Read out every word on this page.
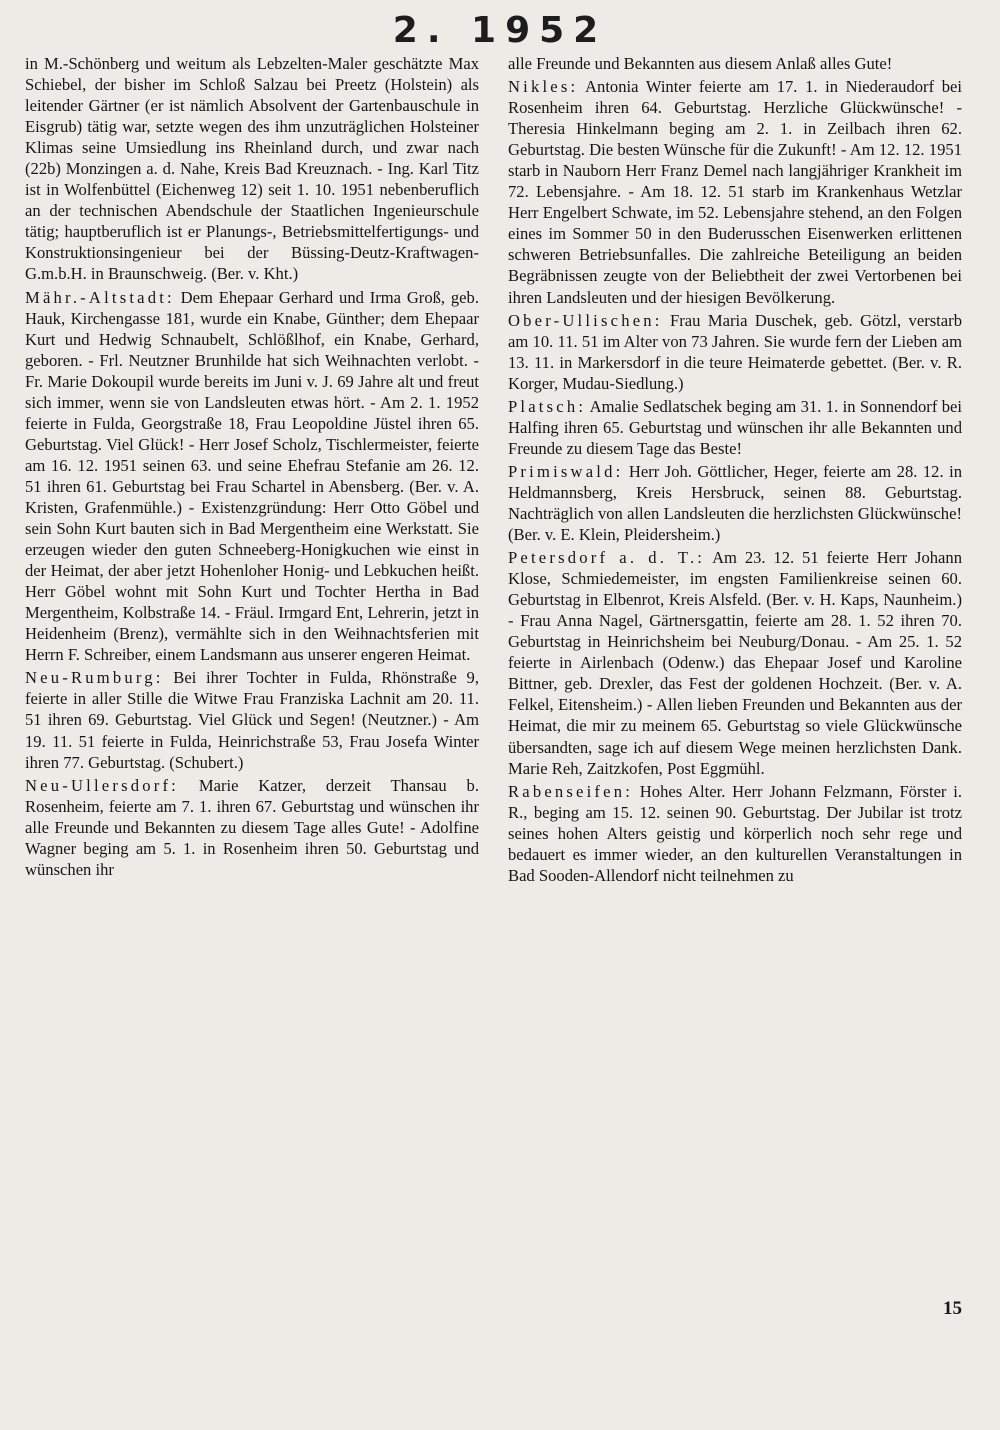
2. 1952

in M.-Schönberg und weitum als Lebzelten-Maler geschätzte Max Schiebel, der bisher im Schloß Salzau bei Preetz (Holstein) als leitender Gärtner (er ist nämlich Absolvent der Gartenbauschule in Eisgrub) tätig war, setzte wegen des ihm unzuträglichen Holsteiner Klimas seine Umsiedlung ins Rheinland durch, und zwar nach (22b) Monzingen a. d. Nahe, Kreis Bad Kreuznach. - Ing. Karl Titz ist in Wolfenbüttel (Eichenweg 12) seit 1. 10. 1951 nebenberuflich an der technischen Abendschule der Staatlichen Ingenieurschule tätig; hauptberuflich ist er Planungs-, Betriebsmittelfertigungs- und Konstruktionsingenieur bei der Büssing-Deutz-Kraftwagen-G.m.b.H. in Braunschweig. (Ber. v. Kht.)

Mähr.-Altstadt: Dem Ehepaar Gerhard und Irma Groß, geb. Hauk, Kirchengasse 181, wurde ein Knabe, Günther; dem Ehepaar Kurt und Hedwig Schnaubelt, Schlößlhof, ein Knabe, Gerhard, geboren. - Frl. Neutzner Brunhilde hat sich Weihnachten verlobt. - Fr. Marie Dokoupil wurde bereits im Juni v. J. 69 Jahre alt und freut sich immer, wenn sie von Landsleuten etwas hört. - Am 2. 1. 1952 feierte in Fulda, Georgstraße 18, Frau Leopoldine Jüstel ihren 65. Geburtstag. Viel Glück! - Herr Josef Scholz, Tischlermeister, feierte am 16. 12. 1951 seinen 63. und seine Ehefrau Stefanie am 26. 12. 51 ihren 61. Geburtstag bei Frau Schartel in Abensberg. (Ber. v. A. Kristen, Grafenmühle.) - Existenzgründung: Herr Otto Göbel und sein Sohn Kurt bauten sich in Bad Mergentheim eine Werkstatt. Sie erzeugen wieder den guten Schneeberg-Honigkuchen wie einst in der Heimat, der aber jetzt Hohenloher Honig- und Lebkuchen heißt. Herr Göbel wohnt mit Sohn Kurt und Tochter Hertha in Bad Mergentheim, Kolbstraße 14. - Fräul. Irmgard Ent, Lehrerin, jetzt in Heidenheim (Brenz), vermählte sich in den Weihnachtsferien mit Herrn F. Schreiber, einem Landsmann aus unserer engeren Heimat.

Neu-Rumburg: Bei ihrer Tochter in Fulda, Rhönstraße 9, feierte in aller Stille die Witwe Frau Franziska Lachnit am 20. 11. 51 ihren 69. Geburtstag. Viel Glück und Segen! (Neutzner.) - Am 19. 11. 51 feierte in Fulda, Heinrichstraße 53, Frau Josefa Winter ihren 77. Geburtstag. (Schubert.)

Neu-Ullersdorf: Marie Katzer, derzeit Thansau b. Rosenheim, feierte am 7. 1. ihren 67. Geburtstag und wünschen ihr alle Freunde und Bekannten zu diesem Tage alles Gute! - Adolfine Wagner beging am 5. 1. in Rosenheim ihren 50. Geburtstag und wünschen ihr

alle Freunde und Bekannten aus diesem Anlaß alles Gute!

Nikles: Antonia Winter feierte am 17. 1. in Niederaudorf bei Rosenheim ihren 64. Geburtstag. Herzliche Glückwünsche! - Theresia Hinkelmann beging am 2. 1. in Zeilbach ihren 62. Geburtstag. Die besten Wünsche für die Zukunft! - Am 12. 12. 1951 starb in Nauborn Herr Franz Demel nach langjähriger Krankheit im 72. Lebensjahre. - Am 18. 12. 51 starb im Krankenhaus Wetzlar Herr Engelbert Schwate, im 52. Lebensjahre stehend, an den Folgen eines im Sommer 50 in den Buderusschen Eisenwerken erlittenen schweren Betriebsunfalles. Die zahlreiche Beteiligung an beiden Begräbnissen zeugte von der Beliebtheit der zwei Vertorbenen bei ihren Landsleuten und der hiesigen Bevölkerung.

Ober-Ullischen: Frau Maria Duschek, geb. Götzl, verstarb am 10. 11. 51 im Alter von 73 Jahren. Sie wurde fern der Lieben am 13. 11. in Markersdorf in die teure Heimaterde gebettet. (Ber. v. R. Korger, Mudau-Siedlung.)

Platsch: Amalie Sedlatschek beging am 31. 1. in Sonnendorf bei Halfing ihren 65. Geburtstag und wünschen ihr alle Bekannten und Freunde zu diesem Tage das Beste!

Primiswald: Herr Joh. Göttlicher, Heger, feierte am 28. 12. in Heldmannsberg, Kreis Hersbruck, seinen 88. Geburtstag. Nachträglich von allen Landsleuten die herzlichsten Glückwünsche! (Ber. v. E. Klein, Pleidersheim.)

Petersdorf a. d. T.: Am 23. 12. 51 feierte Herr Johann Klose, Schmiedemeister, im engsten Familienkreise seinen 60. Geburtstag in Elbenrot, Kreis Alsfeld. (Ber. v. H. Kaps, Naunheim.) - Frau Anna Nagel, Gärtnersgattin, feierte am 28. 1. 52 ihren 70. Geburtstag in Heinrichsheim bei Neuburg/Donau. - Am 25. 1. 52 feierte in Airlenbach (Odenw.) das Ehepaar Josef und Karoline Bittner, geb. Drexler, das Fest der goldenen Hochzeit. (Ber. v. A. Felkel, Eitensheim.) - Allen lieben Freunden und Bekannten aus der Heimat, die mir zu meinem 65. Geburtstag so viele Glückwünsche übersandten, sage ich auf diesem Wege meinen herzlichsten Dank. Marie Reh, Zaitzkofen, Post Eggmühl.

Rabenseifen: Hohes Alter. Herr Johann Felzmann, Förster i. R., beging am 15. 12. seinen 90. Geburtstag. Der Jubilar ist trotz seines hohen Alters geistig und körperlich noch sehr rege und bedauert es immer wieder, an den kulturellen Veranstaltungen in Bad Sooden-Allendorf nicht teilnehmen zu

15
